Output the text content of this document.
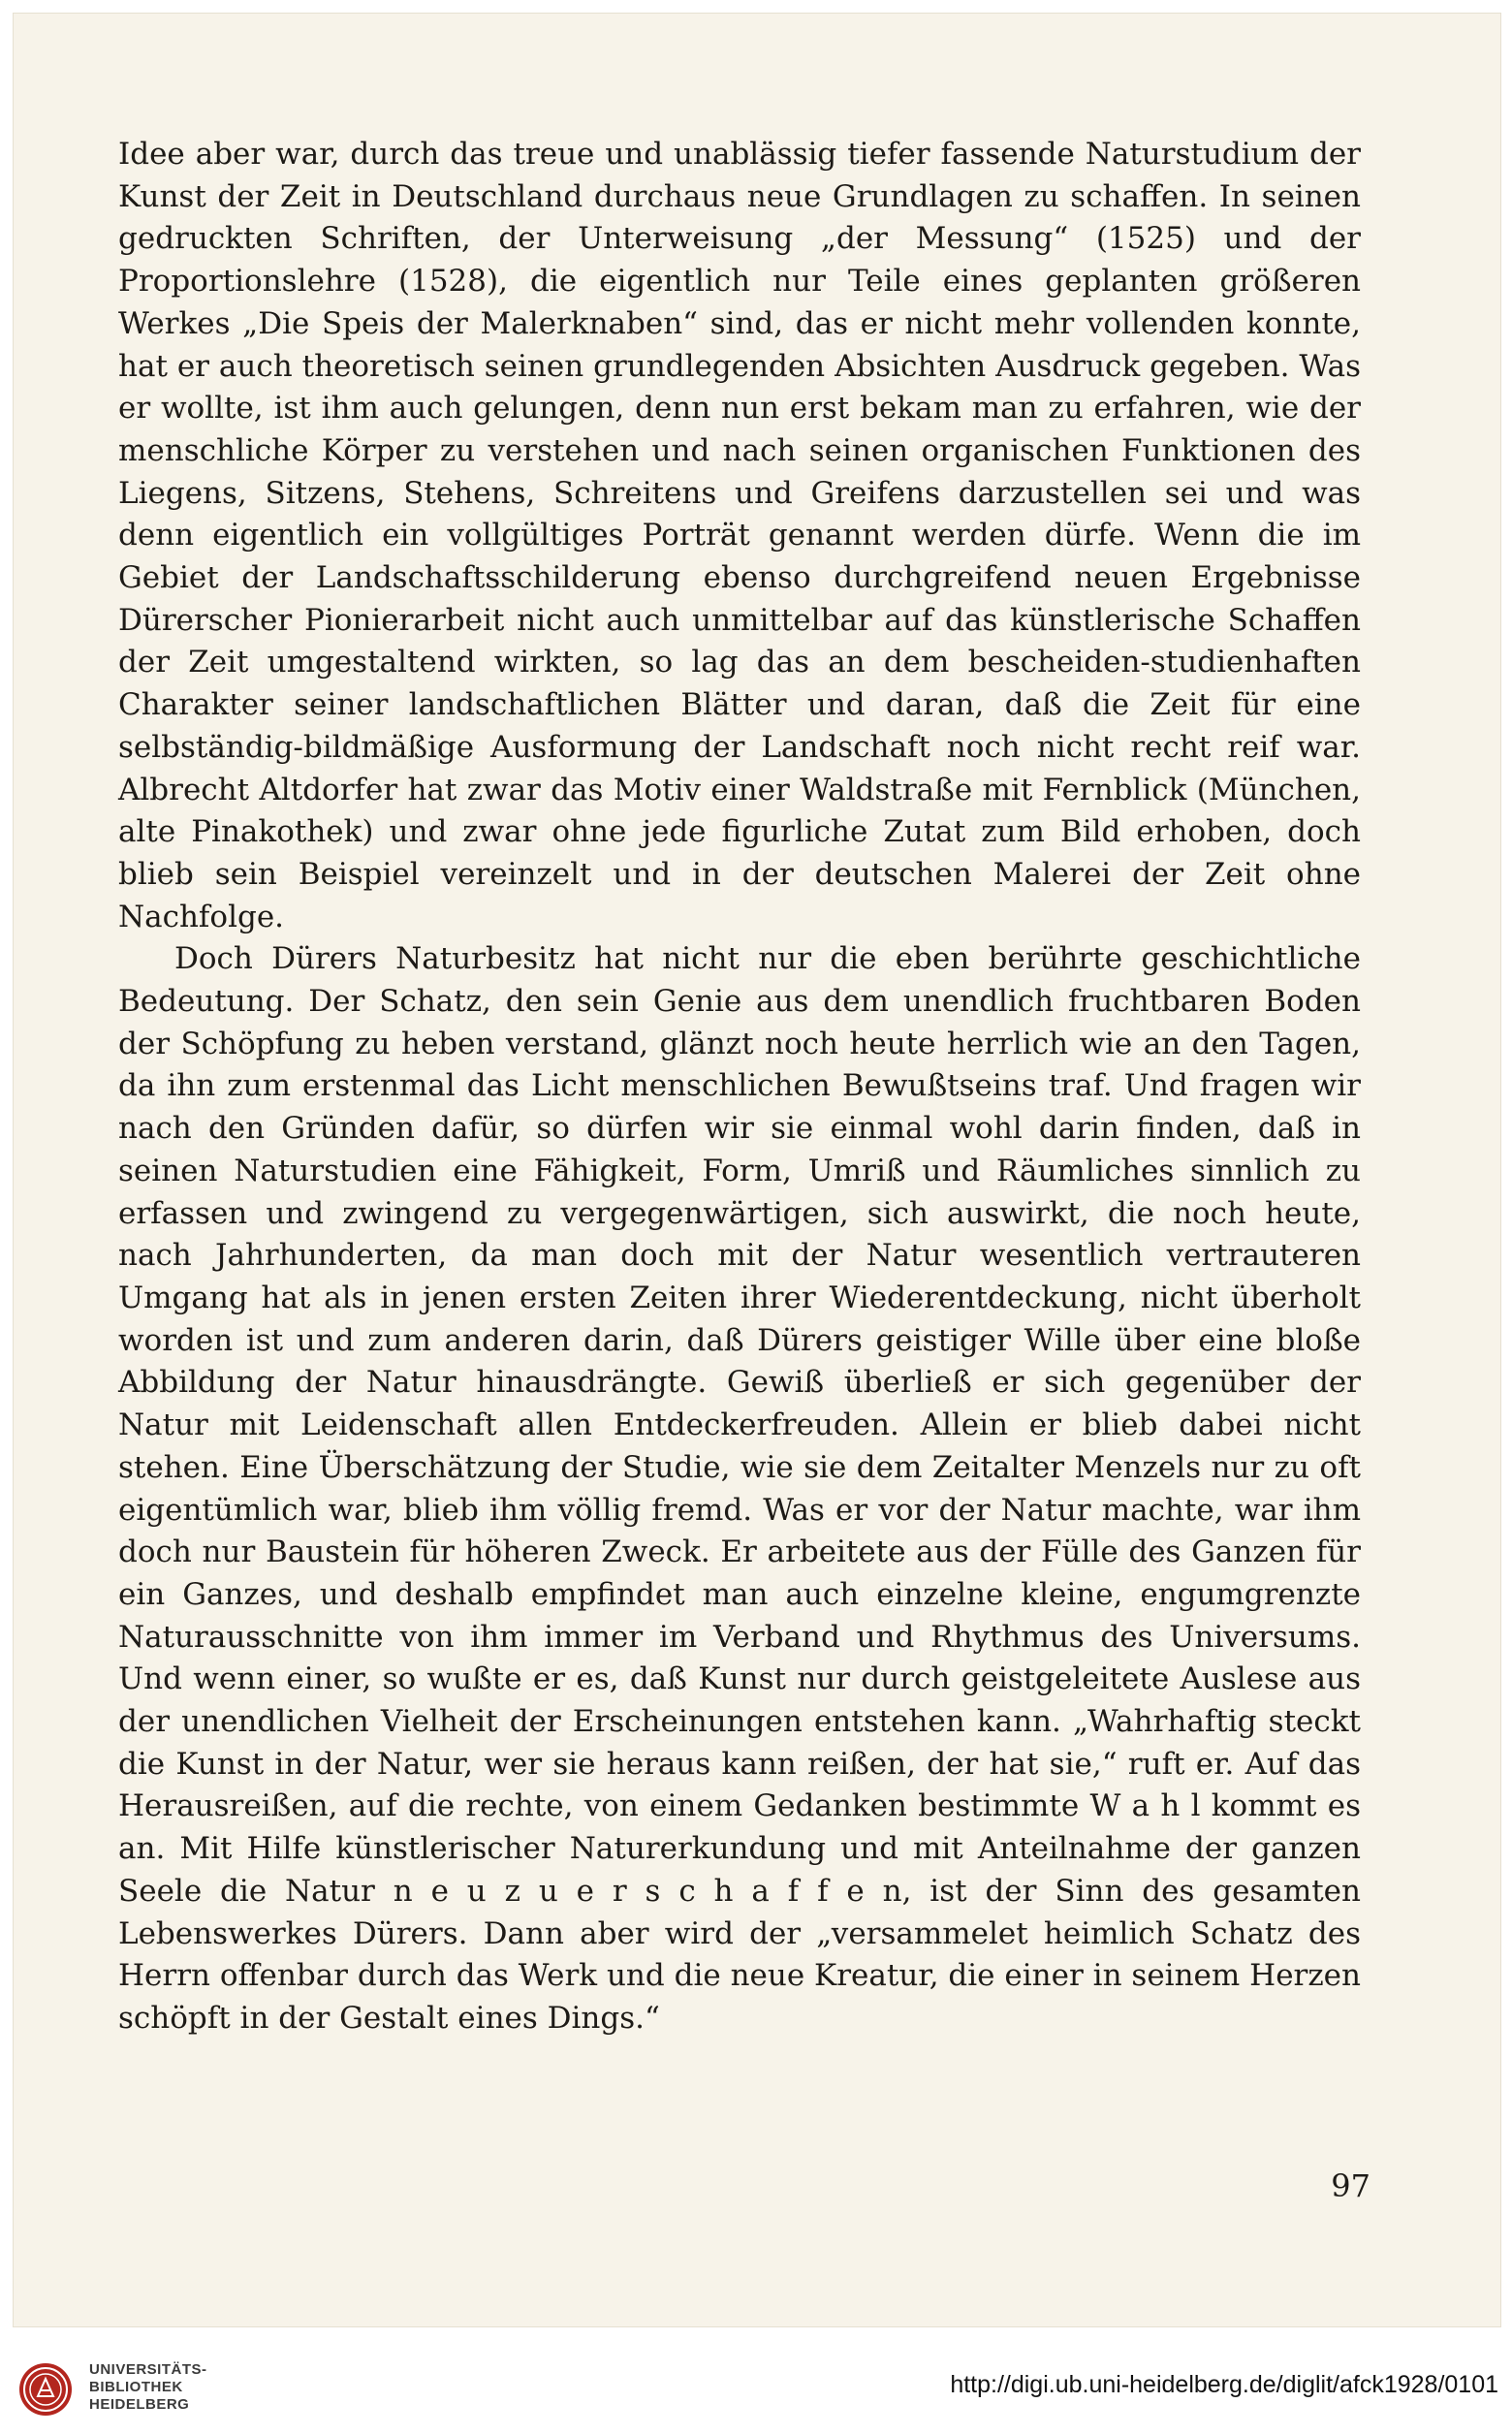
Idee aber war, durch das treue und unablässig tiefer fassende Naturstudium der Kunst der Zeit in Deutschland durchaus neue Grundlagen zu schaffen. In seinen gedruckten Schriften, der Unterweisung „der Messung“ (1525) und der Proportionslehre (1528), die eigentlich nur Teile eines geplanten größeren Werkes „Die Speis der Malerknaben“ sind, das er nicht mehr vollenden konnte, hat er auch theoretisch seinen grundlegenden Absichten Ausdruck gegeben. Was er wollte, ist ihm auch gelungen, denn nun erst bekam man zu erfahren, wie der menschliche Körper zu verstehen und nach seinen organischen Funktionen des Liegens, Sitzens, Stehens, Schreitens und Greifens darzustellen sei und was denn eigentlich ein vollgültiges Porträt genannt werden dürfe. Wenn die im Gebiet der Landschaftsschilderung ebenso durchgreifend neuen Ergebnisse Dürerscher Pionierarbeit nicht auch unmittelbar auf das künstlerische Schaffen der Zeit umgestaltend wirkten, so lag das an dem bescheiden-studienhaften Charakter seiner landschaftlichen Blätter und daran, daß die Zeit für eine selbständig-bildmäßige Ausformung der Landschaft noch nicht recht reif war. Albrecht Altdorfer hat zwar das Motiv einer Waldstraße mit Fernblick (München, alte Pinakothek) und zwar ohne jede figurliche Zutat zum Bild erhoben, doch blieb sein Beispiel vereinzelt und in der deutschen Malerei der Zeit ohne Nachfolge.

Doch Dürers Naturbesitz hat nicht nur die eben berührte geschichtliche Bedeutung. Der Schatz, den sein Genie aus dem unendlich fruchtbaren Boden der Schöpfung zu heben verstand, glänzt noch heute herrlich wie an den Tagen, da ihn zum erstenmal das Licht menschlichen Bewußtseins traf. Und fragen wir nach den Gründen dafür, so dürfen wir sie einmal wohl darin finden, daß in seinen Naturstudien eine Fähigkeit, Form, Umriß und Räumliches sinnlich zu erfassen und zwingend zu vergegenwärtigen, sich auswirkt, die noch heute, nach Jahrhunderten, da man doch mit der Natur wesentlich vertrauteren Umgang hat als in jenen ersten Zeiten ihrer Wiederentdeckung, nicht überholt worden ist und zum anderen darin, daß Dürers geistiger Wille über eine bloße Abbildung der Natur hinausdrängte. Gewiß überließ er sich gegenüber der Natur mit Leidenschaft allen Entdeckerfreuden. Allein er blieb dabei nicht stehen. Eine Überschätzung der Studie, wie sie dem Zeitalter Menzels nur zu oft eigentümlich war, blieb ihm völlig fremd. Was er vor der Natur machte, war ihm doch nur Baustein für höheren Zweck. Er arbeitete aus der Fülle des Ganzen für ein Ganzes, und deshalb empfindet man auch einzelne kleine, engumgrenzte Naturausschnitte von ihm immer im Verband und Rhythmus des Universums. Und wenn einer, so wußte er es, daß Kunst nur durch geistgeleitete Auslese aus der unendlichen Vielheit der Erscheinungen entstehen kann. „Wahrhaftig steckt die Kunst in der Natur, wer sie heraus kann reißen, der hat sie,“ ruft er. Auf das Herausreißen, auf die rechte, von einem Gedanken bestimmte W a h l kommt es an. Mit Hilfe künstlerischer Naturerkundung und mit Anteilnahme der ganzen Seele die Natur n e u z u e r s c h a f f e n, ist der Sinn des gesamten Lebenswerkes Dürers. Dann aber wird der „versammelet heimlich Schatz des Herrn offenbar durch das Werk und die neue Kreatur, die einer in seinem Herzen schöpft in der Gestalt eines Dings.“

97
UNIVERSITÄTS-
BIBLIOTHEK
HEIDELBERG
http://digi.ub.uni-heidelberg.de/diglit/afck1928/0101
